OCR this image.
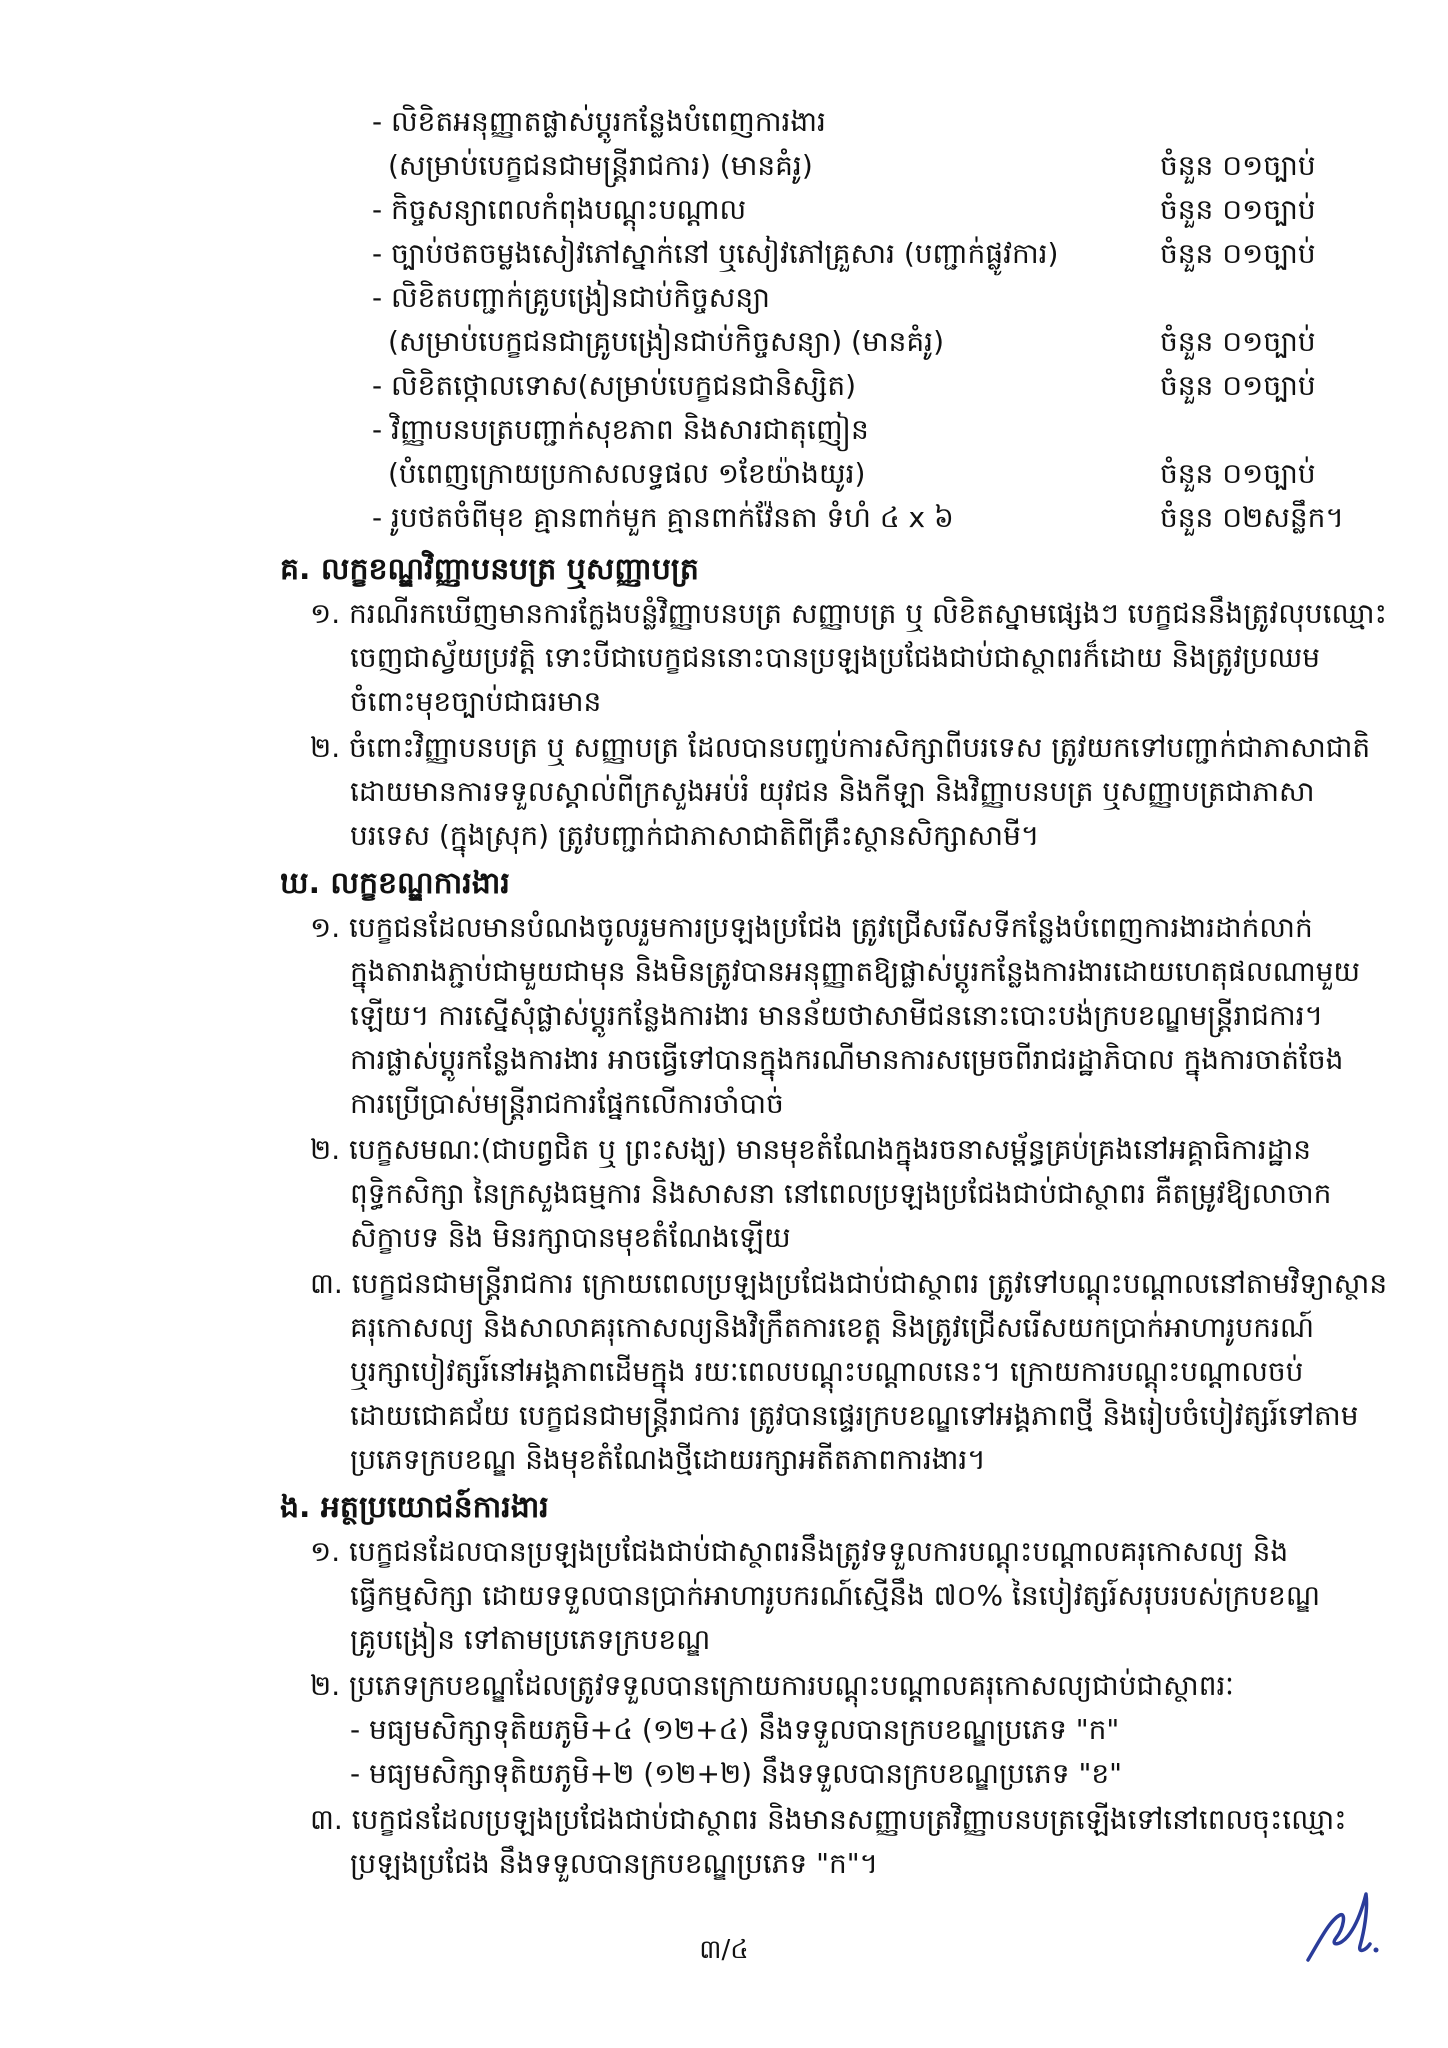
- លិខិតអនុញ្ញាតផ្លាស់ប្តូរកន្លែងបំពេញការងារ
(សម្រាប់បេក្ខជនជាមន្ត្រីរាជការ) (មានគំរូ)	ចំនួន ០១ច្បាប់
- កិច្ចសន្យាពេលកំពុងបណ្តុះបណ្តាល	ចំនួន ០១ច្បាប់
- ច្បាប់ថតចម្លងសៀវភៅស្នាក់នៅ ឬសៀវភៅគ្រួសារ (បញ្ជាក់ផ្លូវការ)	ចំនួន ០១ច្បាប់
- លិខិតបញ្ជាក់គ្រូបង្រៀនជាប់កិច្ចសន្យា
(សម្រាប់បេក្ខជនជាគ្រូបង្រៀនជាប់កិច្ចសន្យា) (មានគំរូ)	ចំនួន ០១ច្បាប់
- លិខិតថ្កោលទោស(សម្រាប់បេក្ខជនជានិស្សិត)	ចំនួន ០១ច្បាប់
- វិញ្ញាបនបត្របញ្ជាក់សុខភាព និងសារជាតុញៀន
(បំពេញក្រោយប្រកាសលទ្ធផល ១ខែយ៉ាងយូរ)	ចំនួន ០១ច្បាប់
- រូបថតចំពីមុខ គ្មានពាក់មួក គ្មានពាក់វ៉ែនតា ទំហំ ៤ x ៦	ចំនួន ០២សន្លឹក។
គ. លក្ខខណ្ឌវិញ្ញាបនបត្រ ឬសញ្ញាបត្រ
១. ករណីរកឃើញមានការក្លែងបន្លំវិញ្ញាបនបត្រ សញ្ញាបត្រ ឬ លិខិតស្នាមផ្សេងៗ បេក្ខជននឹងត្រូវលុបឈ្មោះ
ចេញជាស្វ័យប្រវត្តិ ទោះបីជាបេក្ខជននោះបានប្រឡងប្រជែងជាប់ជាស្ថាពរក៏ដោយ និងត្រូវប្រឈម
ចំពោះមុខច្បាប់ជាធរមាន
២. ចំពោះវិញ្ញាបនបត្រ ឬ សញ្ញាបត្រ ដែលបានបញ្ចប់ការសិក្សាពីបរទេស ត្រូវយកទៅបញ្ជាក់ជាភាសាជាតិ
ដោយមានការទទួលស្គាល់ពីក្រសួងអប់រំ យុវជន និងកីឡា និងវិញ្ញាបនបត្រ ឬសញ្ញាបត្រជាភាសា
បរទេស (ក្នុងស្រុក) ត្រូវបញ្ជាក់ជាភាសាជាតិពីគ្រឹះស្ថានសិក្សាសាមី។
ឃ. លក្ខខណ្ឌការងារ
១. បេក្ខជនដែលមានបំណងចូលរួមការប្រឡងប្រជែង ត្រូវជ្រើសរើសទីកន្លែងបំពេញការងារដាក់លាក់
ក្នុងតារាងភ្ជាប់ជាមួយជាមុន និងមិនត្រូវបានអនុញ្ញាតឱ្យផ្លាស់ប្តូរកន្លែងការងារដោយហេតុផលណាមួយ
ឡើយ។ ការស្នើសុំផ្លាស់ប្តូរកន្លែងការងារ មានន័យថាសាមីជននោះបោះបង់ក្របខណ្ឌមន្ត្រីរាជការ។
ការផ្លាស់ប្តូរកន្លែងការងារ អាចធ្វើទៅបានក្នុងករណីមានការសម្រេចពីរាជរដ្ឋាភិបាល ក្នុងការចាត់ចែង
ការប្រើប្រាស់មន្ត្រីរាជការផ្នែកលើការចាំបាច់
២. បេក្ខសមណៈ(ជាបព្វជិត ឬ ព្រះសង្ឃ) មានមុខតំណែងក្នុងរចនាសម្ព័ន្ធគ្រប់គ្រងនៅអគ្គាធិការដ្ឋាន
ពុទ្ធិកសិក្សា នៃក្រសួងធម្មការ និងសាសនា នៅពេលប្រឡងប្រជែងជាប់ជាស្ថាពរ គឺតម្រូវឱ្យលាចាក
សិក្ខាបទ និង មិនរក្សាបានមុខតំណែងឡើយ
៣. បេក្ខជនជាមន្ត្រីរាជការ ក្រោយពេលប្រឡងប្រជែងជាប់ជាស្ថាពរ ត្រូវទៅបណ្តុះបណ្តាលនៅតាមវិទ្យាស្ថាន
គរុកោសល្យ និងសាលាគរុកោសល្យនិងវិក្រឹតការខេត្ត និងត្រូវជ្រើសរើសយកប្រាក់អាហារូបករណ៍
ឬរក្សាបៀវត្សរ៍នៅអង្គភាពដើមក្នុង រយៈពេលបណ្តុះបណ្តាលនេះ។ ក្រោយការបណ្តុះបណ្តាលចប់
ដោយជោគជ័យ បេក្ខជនជាមន្ត្រីរាជការ ត្រូវបានផ្ទេរក្របខណ្ឌទៅអង្គភាពថ្មី និងរៀបចំបៀវត្សរ៍ទៅតាម
ប្រភេទក្របខណ្ឌ និងមុខតំណែងថ្មីដោយរក្សាអតីតភាពការងារ។
ង. អត្ថប្រយោជន៍ការងារ
១. បេក្ខជនដែលបានប្រឡងប្រជែងជាប់ជាស្ថាពរនឹងត្រូវទទួលការបណ្តុះបណ្តាលគរុកោសល្យ និង
ធ្វើកម្មសិក្សា ដោយទទួលបានប្រាក់អាហារូបករណ៍ស្មើនឹង ៧០% នៃបៀវត្សរ៍សរុបរបស់ក្របខណ្ឌ
គ្រូបង្រៀន ទៅតាមប្រភេទក្របខណ្ឌ
២. ប្រភេទក្របខណ្ឌដែលត្រូវទទួលបានក្រោយការបណ្តុះបណ្តាលគរុកោសល្យជាប់ជាស្ថាពរៈ
- មធ្យមសិក្សាទុតិយភូមិ+៤ (១២+៤) នឹងទទួលបានក្របខណ្ឌប្រភេទ "ក"
- មធ្យមសិក្សាទុតិយភូមិ+២ (១២+២) នឹងទទួលបានក្របខណ្ឌប្រភេទ "ខ"
៣. បេក្ខជនដែលប្រឡងប្រជែងជាប់ជាស្ថាពរ និងមានសញ្ញាបត្រវិញ្ញាបនបត្រឡើងទៅនៅពេលចុះឈ្មោះ
ប្រឡងប្រជែង នឹងទទួលបានក្របខណ្ឌប្រភេទ "ក"។
៣/៤
